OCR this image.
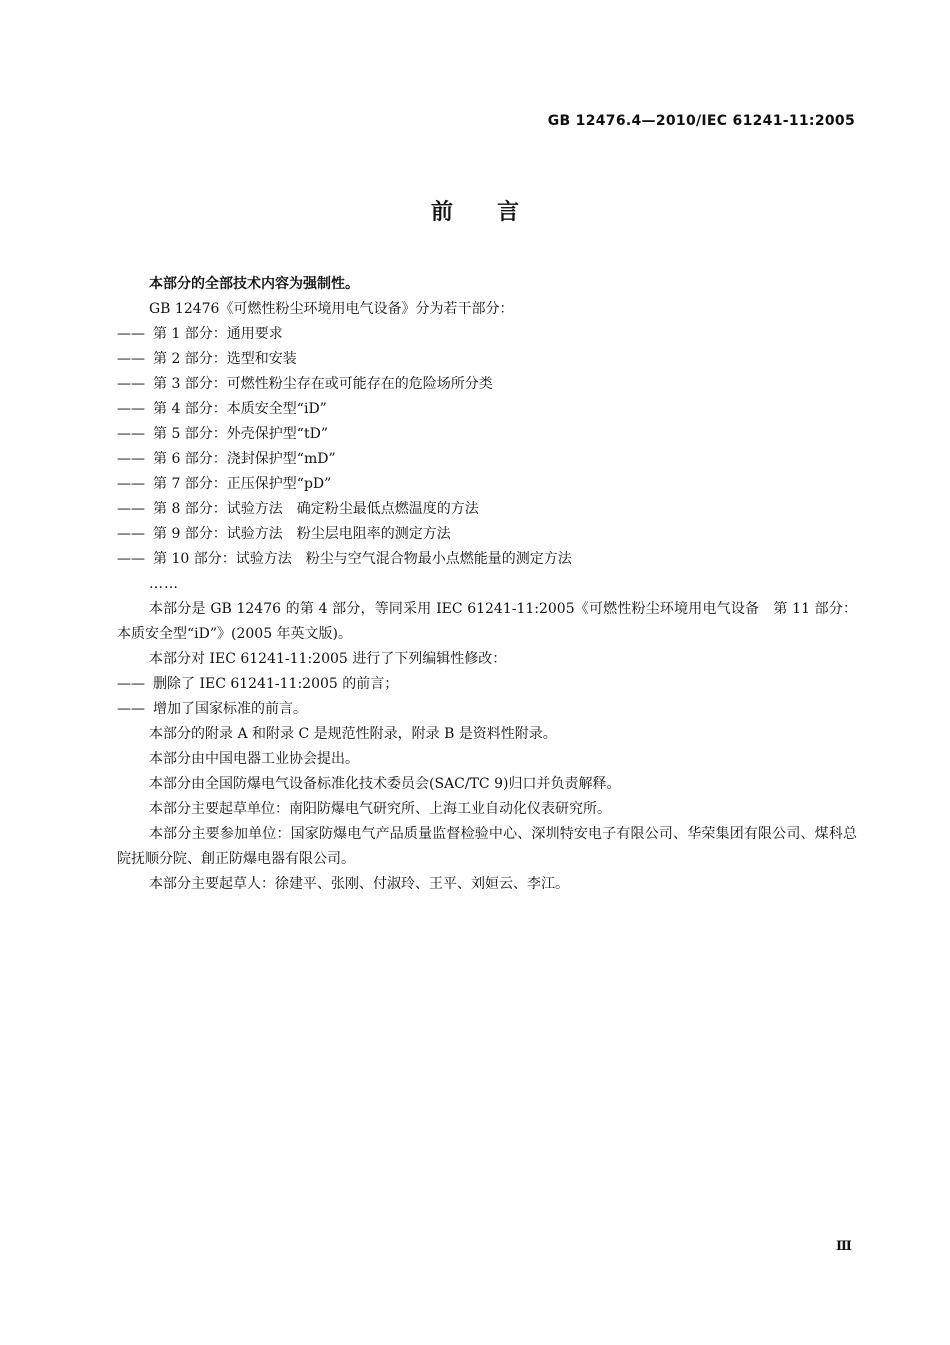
GB 12476.4—2010/IEC 61241-11:2005
前　　言

本部分的全部技术内容为强制性。

GB 12476《可燃性粉尘环境用电气设备》分为若干部分：

—— 第 1 部分：通用要求

—— 第 2 部分：选型和安装

—— 第 3 部分：可燃性粉尘存在或可能存在的危险场所分类

—— 第 4 部分：本质安全型“iD”

—— 第 5 部分：外壳保护型“tD”

—— 第 6 部分：浇封保护型“mD”

—— 第 7 部分：正压保护型“pD”

—— 第 8 部分：试验方法　确定粉尘最低点燃温度的方法

—— 第 9 部分：试验方法　粉尘层电阻率的测定方法

—— 第 10 部分：试验方法　粉尘与空气混合物最小点燃能量的测定方法

……

本部分是 GB 12476 的第 4 部分，等同采用 IEC 61241-11:2005《可燃性粉尘环境用电气设备　第 11 部分：本质安全型“iD”》(2005 年英文版)。

本部分对 IEC 61241-11:2005 进行了下列编辑性修改：

—— 删除了 IEC 61241-11:2005 的前言；

—— 增加了国家标准的前言。

本部分的附录 A 和附录 C 是规范性附录，附录 B 是资料性附录。

本部分由中国电器工业协会提出。

本部分由全国防爆电气设备标准化技术委员会(SAC/TC 9)归口并负责解释。

本部分主要起草单位：南阳防爆电气研究所、上海工业自动化仪表研究所。

本部分主要参加单位：国家防爆电气产品质量监督检验中心、深圳特安电子有限公司、华荣集团有限公司、煤科总院抚顺分院、創正防爆电器有限公司。

本部分主要起草人：徐建平、张刚、付淑玲、王平、刘姮云、李江。

Ⅲ
